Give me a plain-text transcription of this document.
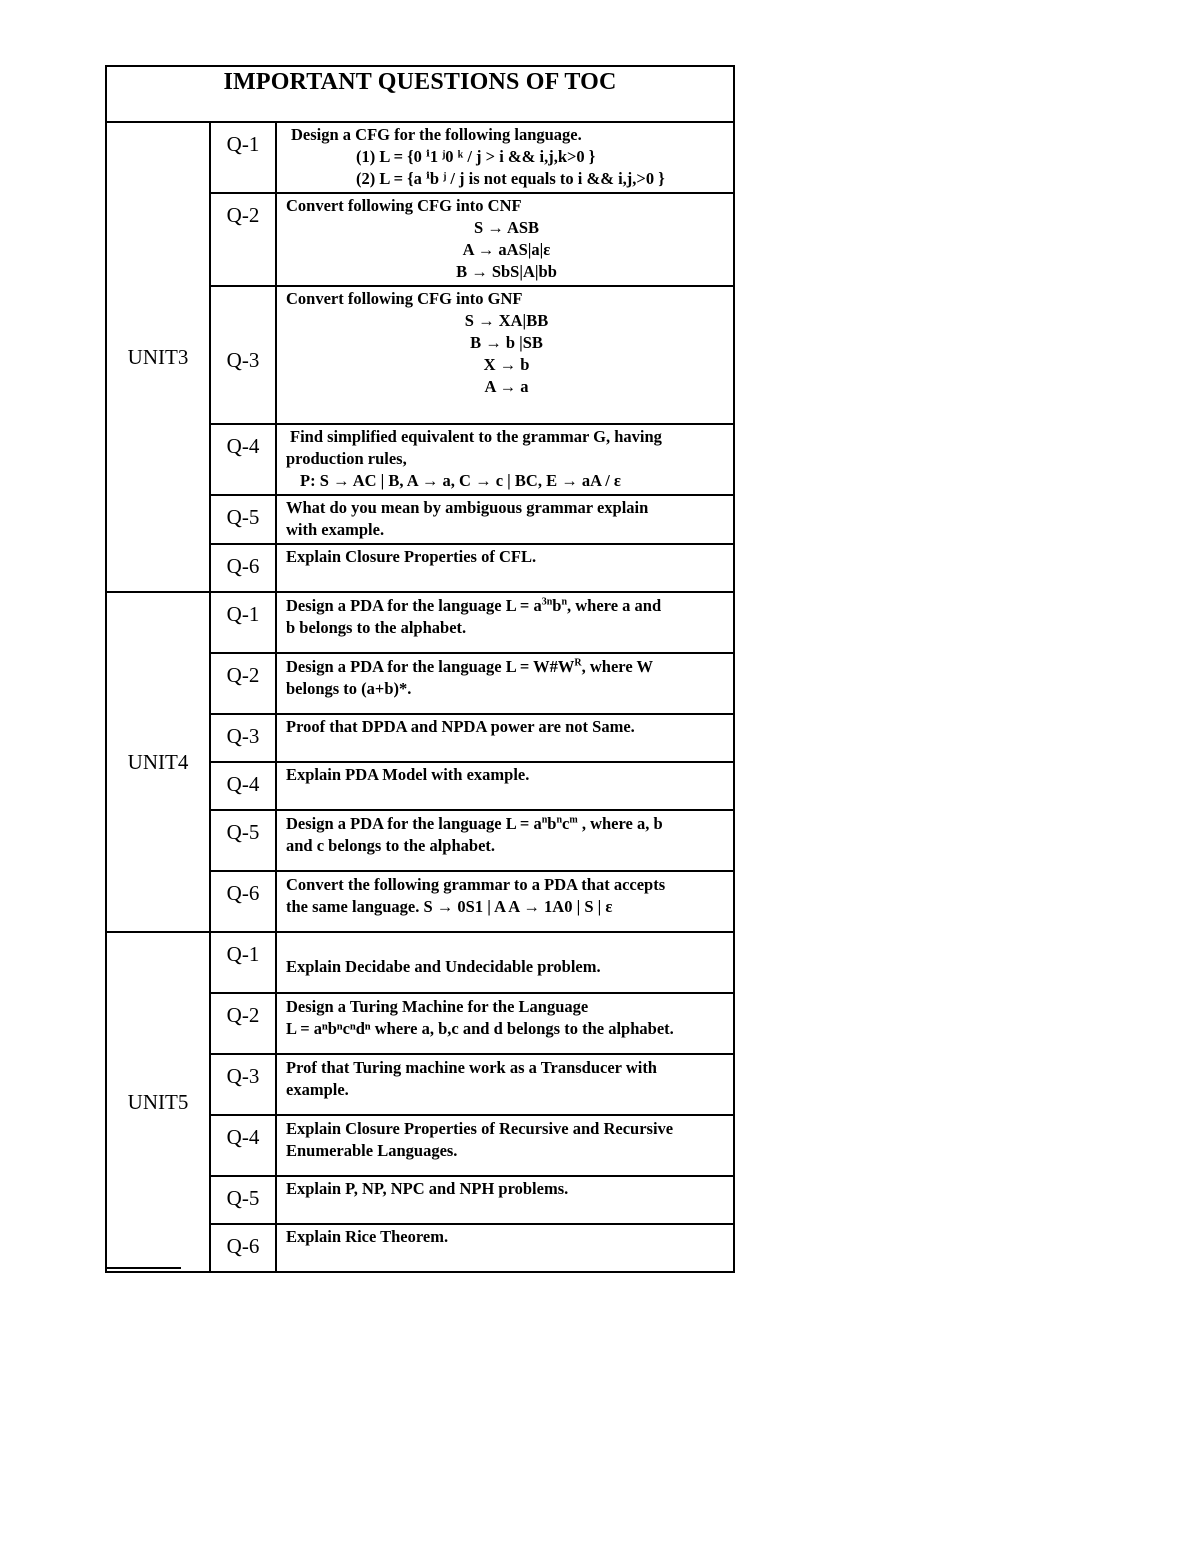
IMPORTANT QUESTIONS OF TOC		
UNIT3	Q-1	Design a CFG for the following language.
(1) L = {0 ⁱ1 ʲ0 ᵏ / j > i && i,j,k>0 }
(2) L = {a ⁱb ʲ / j is not equals to i && i,j,>0 }

	Q-2	Convert following CFG into CNF
S → ASB
A → aAS|a|ε
B → SbS|A|bb

	Q-3	Convert following CFG into GNF
S → XA|BB
B → b |SB
X → b
A → a

	Q-4	Find simplified equivalent to the grammar G, having
production rules,
P: S → AC | B, A → a, C → c | BC, E → aA / ε

	Q-5	What do you mean by ambiguous grammar explain
with example.

	Q-6	Explain Closure Properties of CFL.

UNIT4	Q-1	Design a PDA for the language $L = a^{3n}b^n$, where a and
b belongs to the alphabet.

	Q-2	Design a PDA for the language $L = W\#W^R$, where W
belongs to (a+b)*.

	Q-3	Proof that DPDA and NPDA power are not Same.

	Q-4	Explain PDA Model with example.

	Q-5	Design a PDA for the language $L = a^nb^nc^m$ , where a, b
and c belongs to the alphabet.

	Q-6	Convert the following grammar to a PDA that accepts
the same language. S → 0S1 | A A → 1A0 | S | ε

UNIT5	Q-1	Explain Decidabe and Undecidable problem.

	Q-2	Design a Turing Machine for the Language
L = aⁿbⁿcⁿdⁿ where a, b,c and d belongs to the alphabet.

	Q-3	Prof that Turing machine work as a Transducer with
example.

	Q-4	Explain Closure Properties of Recursive and Recursive
Enumerable Languages.

	Q-5	Explain P, NP, NPC and NPH problems.

	Q-6	Explain Rice Theorem.
